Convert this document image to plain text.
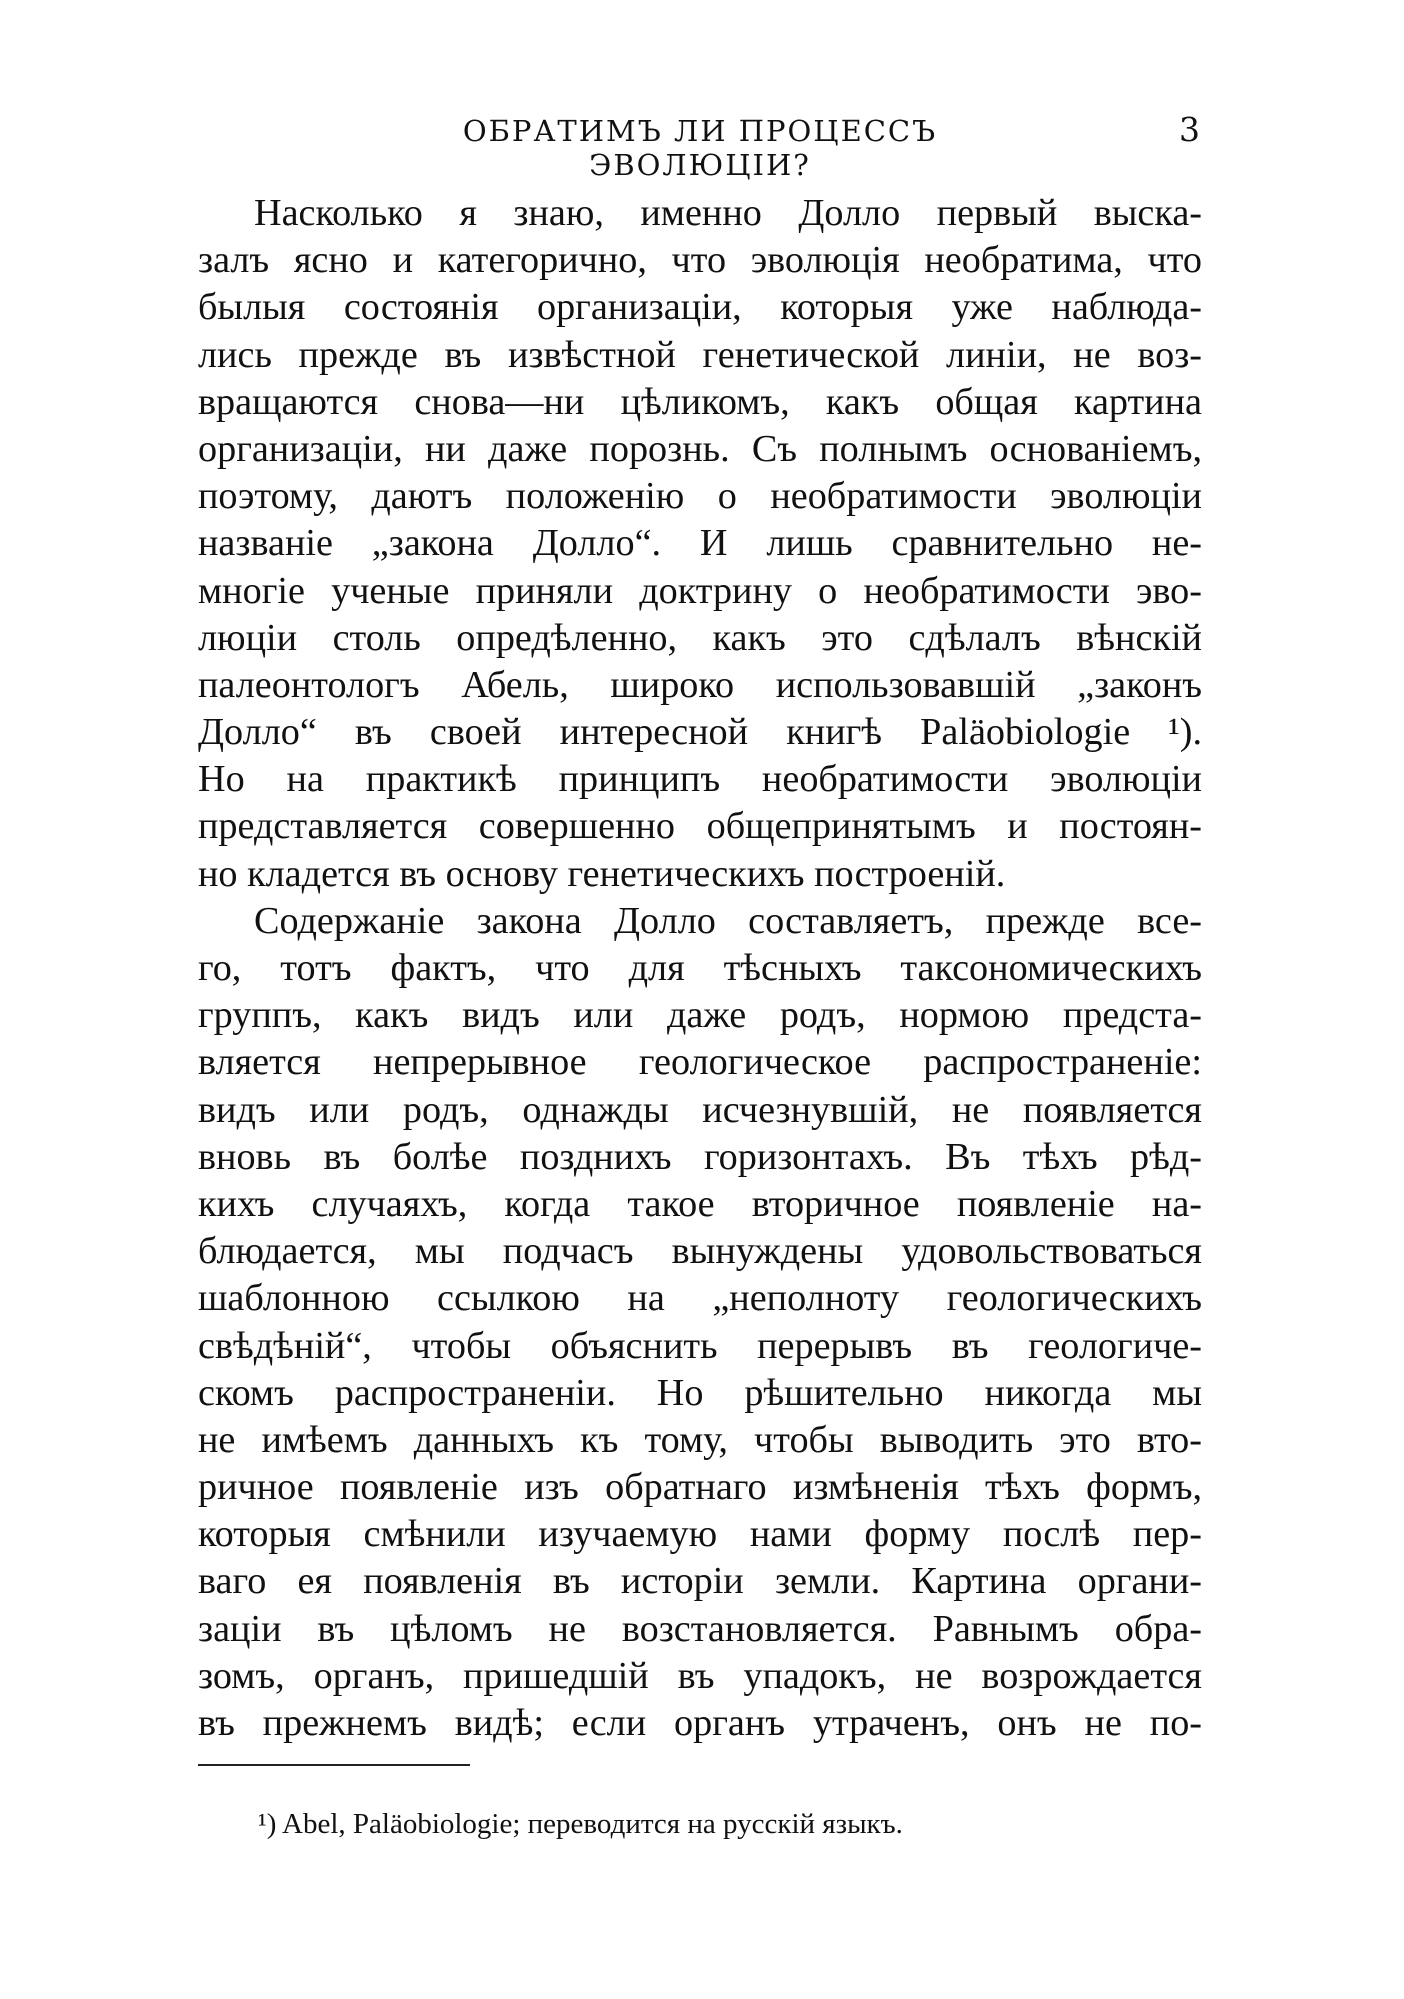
ОБРАТИМЪ ЛИ ПРОЦЕССЪ ЭВОЛЮЦІИ?
3
Насколько я знаю, именно Долло первый выска-
залъ ясно и категорично, что эволюція необратима, что
былыя состоянія организаціи, которыя уже наблюда-
лись прежде въ извѣстной генетической линіи, не воз-
вращаются снова—ни цѣликомъ, какъ общая картина
организаціи, ни даже порознь. Съ полнымъ основаніемъ,
поэтому, даютъ положенію о необратимости эволюціи
названіе „закона Долло“. И лишь сравнительно не-
многіе ученые приняли доктрину о необратимости эво-
люціи столь опредѣленно, какъ это сдѣлалъ вѣнскій
палеонтологъ Абель, широко использовавшій „законъ
Долло“ въ своей интересной книгѣ Paläobiologie ¹).
Но на практикѣ принципъ необратимости эволюціи
представляется совершенно общепринятымъ и постоян-
но кладется въ основу генетическихъ построеній.
Содержаніе закона Долло составляетъ, прежде все-
го, тотъ фактъ, что для тѣсныхъ таксономическихъ
группъ, какъ видъ или даже родъ, нормою предста-
вляется непрерывное геологическое распространеніе:
видъ или родъ, однажды исчезнувшій, не появляется
вновь въ болѣе позднихъ горизонтахъ. Въ тѣхъ рѣд-
кихъ случаяхъ, когда такое вторичное появленіе на-
блюдается, мы подчасъ вынуждены удовольствоваться
шаблонною ссылкою на „неполноту геологическихъ
свѣдѣній“, чтобы объяснить перерывъ въ геологиче-
скомъ распространеніи. Но рѣшительно никогда мы
не имѣемъ данныхъ къ тому, чтобы выводить это вто-
ричное появленіе изъ обратнаго измѣненія тѣхъ формъ,
которыя смѣнили изучаемую нами форму послѣ пер-
ваго ея появленія въ исторіи земли. Картина органи-
заціи въ цѣломъ не возстановляется. Равнымъ обра-
зомъ, органъ, пришедшій въ упадокъ, не возрождается
въ прежнемъ видѣ; если органъ утраченъ, онъ не по-
¹) Abel, Paläobiologie; переводится на русскій языкъ.
